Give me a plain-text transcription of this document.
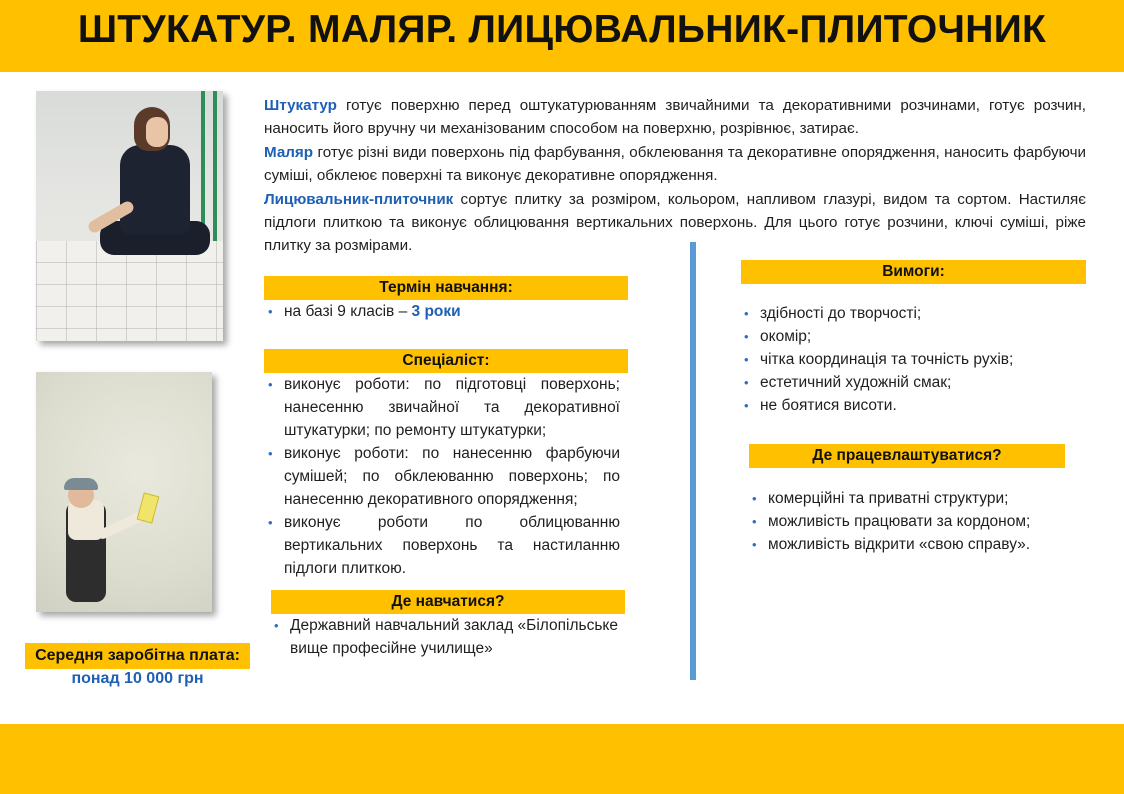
ШТУКАТУР. МАЛЯР. ЛИЦЮВАЛЬНИК-ПЛИТОЧНИК
Середня заробітна плата:
понад 10 000 грн
Штукатур готує поверхню перед оштукатурюванням звичайними та декоративними розчинами, готує розчин, наносить його вручну чи механізованим способом на поверхню, розрівнює, затирає.
Маляр готує різні види поверхонь під фарбування, обклеювання та декоративне опорядження, наносить фарбуючи суміші, обклеює поверхні та виконує декоративне опорядження.
Лицювальник-плиточник сортує плитку за розміром, кольором, напливом глазурі, видом та сортом. Настиляє підлоги плиткою та виконує облицювання вертикальних поверхонь. Для цього готує розчини, ключі суміші, ріже плитку за розмірами.
Термін навчання:
• на базі 9 класів – 3 роки
Спеціаліст:
• виконує роботи: по підготовці поверхонь; нанесенню звичайної та декоративної штукатурки; по ремонту штукатурки;
• виконує роботи: по нанесенню фарбуючи сумішей; по обклеюванню поверхонь; по нанесенню декоративного опорядження;
• виконує роботи по облицюванню вертикальних поверхонь та настиланню підлоги плиткою.
Де навчатися?
• Державний навчальний заклад «Білопільське вище професійне училище»
Вимоги:
• здібності до творчості;
• окомір;
• чітка координація та точність рухів;
• естетичний художній смак;
• не боятися висоти.
Де працевлаштуватися?
• комерційні та приватні структури;
• можливість працювати за кордоном;
• можливість відкрити «свою справу».
